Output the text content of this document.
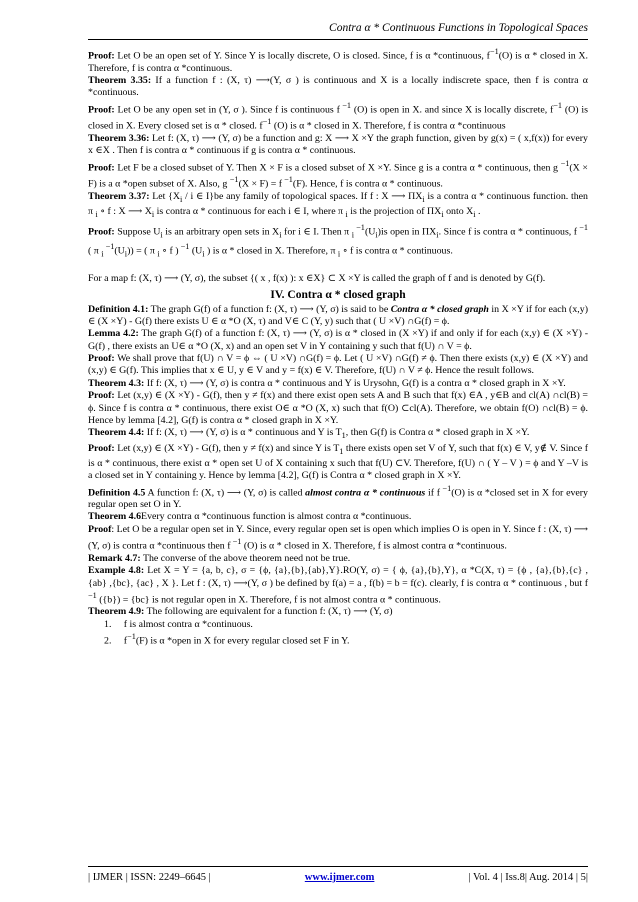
Contra α * Continuous Functions in Topological Spaces

Proof: Let O be an open set of Y. Since Y is locally discrete, O is closed. Since, f is α *continuous, $f^{-1}(O)$ is α * closed in X. Therefore, f is contra α *continuous.

Theorem 3.35: If a function f : (X, τ) ⟶(Y, σ ) is continuous and X is a locally indiscrete space, then f is contra α *continuous.

Proof: Let O be any open set in (Y, σ ). Since f is continuous f $^{-1}$ (O) is open in X. and since X is locally discrete, $f^{-1}$ (O) is closed in X. Every closed set is α * closed. $f^{-1}$ (O) is α * closed in X. Therefore, f is contra α *continuous

Theorem 3.36: Let f: (X, τ) ⟶ (Y, σ) be a function and g: X ⟶ X ×Y the graph function, given by g(x) = ( x,f(x)) for every x ∈X . Then f is contra α * continuous if g is contra α * continuous.

Proof: Let F be a closed subset of Y. Then X × F is a closed subset of X ×Y. Since g is a contra α * continuous, then g $^{-1}$(X × F) is a α *open subset of X. Also, g $^{-1}$(X × F) = f $^{-1}$(F). Hence, f is contra α * continuous.

Theorem 3.37: Let {$X_i$ / i ∈ I}be any family of topological spaces. If f : X ⟶ $\Pi X_i$ is a contra α * continuous function. then π $_i$ ∘ f : X ⟶ $X_i$ is contra α * continuous for each i ∈ I, where π $_i$ is the projection of $\Pi X_i$ onto $X_i$ .

Proof: Suppose $U_i$ is an arbitrary open sets in $X_i$ for i ∈ I. Then π $_i$ $^{-1}(U_i)is$ open in $\Pi X_i$. Since f is contra α * continuous, f $^{-1}$ ( π $_i$ $^{-1}(U_i)$) = ( π $_i$ ∘ f ) $^{-1}$ ($U_i$ ) is α * closed in X. Therefore, π $_i$ ∘ f is contra α * continuous.

For a map f: (X, τ) ⟶ (Y, σ), the subset {( x , f(x) ): x ∈X} ⊂ X ×Y is called the graph of f and is denoted by G(f).

IV. Contra α * closed graph

Definition 4.1: The graph G(f) of a function f: (X, τ) ⟶ (Y, σ) is said to be Contra α * closed graph in X ×Y if for each (x,y) ∈ (X ×Y) - G(f) there exists U ∈ α *O (X, τ) and V∈ C (Y, y) such that ( U ×V) ∩G(f) = ϕ.

Lemma 4.2: The graph G(f) of a function f: (X, τ) ⟶ (Y, σ) is α * closed in (X ×Y) if and only if for each (x,y) ∈ (X ×Y) - G(f) , there exists an U∈ α *O (X, x) and an open set V in Y containing y such that f(U) ∩ V = ϕ.

Proof: We shall prove that f(U) ∩ V = ϕ ⇔ ( U ×V) ∩G(f) = ϕ. Let ( U ×V) ∩G(f) ≠ ϕ. Then there exists (x,y) ∈ (X ×Y) and (x,y) ∈ G(f). This implies that x ∈ U, y ∈ V and y = f(x) ∈ V. Therefore, f(U) ∩ V ≠ ϕ. Hence the result follows.

Theorem 4.3: If f: (X, τ) ⟶ (Y, σ) is contra α * continuous and Y is Urysohn, G(f) is a contra α * closed graph in X ×Y.

Proof: Let (x,y) ∈ (X ×Y) - G(f), then y ≠ f(x) and there exist open sets A and B such that f(x) ∈A , y∈B and cl(A) ∩cl(B) = ϕ. Since f is contra α * continuous, there exist O∈ α *O (X, x) such that f(O) ⊂cl(A). Therefore, we obtain f(O) ∩cl(B) = ϕ. Hence by lemma [4.2], G(f) is contra α * closed graph in X ×Y.

Theorem 4.4: If f: (X, τ) ⟶ (Y, σ) is α * continuous and Y is $T_1$, then G(f) is Contra α * closed graph in X ×Y.

Proof: Let (x,y) ∈ (X ×Y) - G(f), then y ≠ f(x) and since Y is $T_1$ there exists open set V of Y, such that f(x) ∈ V, y∉ V. Since f is α * continuous, there exist α * open set U of X containing x such that f(U) ⊂V. Therefore, f(U) ∩ ( Y – V ) = ϕ and Y –V is a closed set in Y containing y. Hence by lemma [4.2], G(f) is Contra α * closed graph in X ×Y.

Definition 4.5 A function f: (X, τ) ⟶ (Y, σ) is called almost contra α * continuous if f $^{-1}$(O) is α *closed set in X for every regular open set O in Y.

Theorem 4.6Every contra α *continuous function is almost contra α *continuous.

Proof: Let O be a regular open set in Y. Since, every regular open set is open which implies O is open in Y. Since f : (X, τ) ⟶ (Y, σ) is contra α *continuous then f $^{-1}$ (O) is α * closed in X. Therefore, f is almost contra α *continuous.

Remark 4.7: The converse of the above theorem need not be true.

Example 4.8: Let X = Y = {a, b, c}, σ = {ϕ, {a},{b},{ab},Y}.RO(Y, σ) = { ϕ, {a},{b},Y}, α *C(X, τ) = {ϕ , {a},{b},{c} , {ab} ,{bc}, {ac} , X }. Let f : (X, τ) ⟶(Y, σ ) be defined by f(a) = a , f(b) = b = f(c). clearly, f is contra α * continuous , but f $^{-1}$ ({b}) = {bc} is not regular open in X. Therefore, f is not almost contra α * continuous.

Theorem 4.9: The following are equivalent for a function f: (X, τ) ⟶ (Y, σ)

1.     f is almost contra α *continuous.

2.     $f^{-1}(F)$ is α *open in X for every regular closed set F in Y.

| IJMER | ISSN: 2249–6645 |	www.ijmer.com	| Vol. 4 | Iss.8| Aug. 2014 | 5|
